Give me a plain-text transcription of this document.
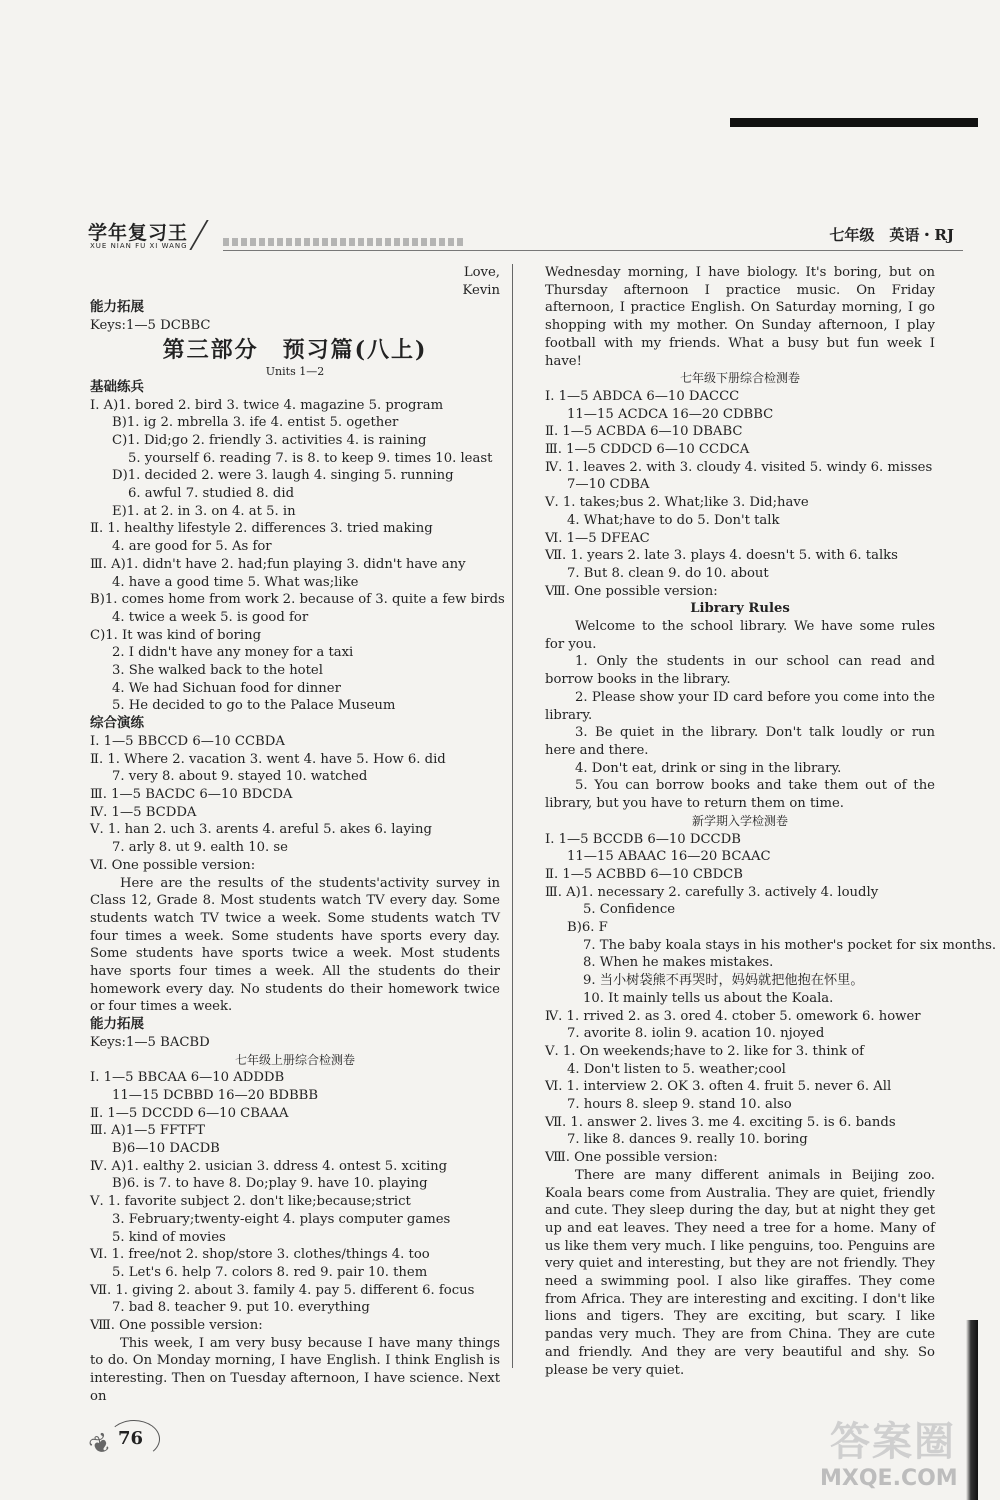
学年复习王
XUE NIAN FU XI WANG
七年级　英语・RJ
Love,
Kevin
能力拓展
Keys:1—5 DCBBC
第三部分　预习篇(八上)
Units 1—2
基础练兵
Ⅰ. A)1. bored 2. bird 3. twice 4. magazine 5. program
B)1. ig 2. mbrella 3. ife 4. entist 5. ogether
C)1. Did;go 2. friendly 3. activities 4. is raining
5. yourself 6. reading 7. is 8. to keep 9. times 10. least
D)1. decided 2. were 3. laugh 4. singing 5. running
6. awful 7. studied 8. did
E)1. at 2. in 3. on 4. at 5. in
Ⅱ. 1. healthy lifestyle 2. differences 3. tried making
4. are good for 5. As for
Ⅲ. A)1. didn't have 2. had;fun playing 3. didn't have any
4. have a good time 5. What was;like
B)1. comes home from work 2. because of 3. quite a few birds
4. twice a week 5. is good for
C)1. It was kind of boring
2. I didn't have any money for a taxi
3. She walked back to the hotel
4. We had Sichuan food for dinner
5. He decided to go to the Palace Museum
综合演练
Ⅰ. 1—5 BBCCD 6—10 CCBDA
Ⅱ. 1. Where 2. vacation 3. went 4. have 5. How 6. did
7. very 8. about 9. stayed 10. watched
Ⅲ. 1—5 BACDC 6—10 BDCDA
Ⅳ. 1—5 BCDDA
Ⅴ. 1. han 2. uch 3. arents 4. areful 5. akes 6. laying
7. arly 8. ut 9. ealth 10. se
Ⅵ. One possible version:
Here are the results of the students'activity survey in Class 12, Grade 8. Most students watch TV every day. Some students watch TV twice a week. Some students watch TV four times a week. Some students have sports every day. Some students have sports twice a week. Most students have sports four times a week. All the students do their homework every day. No students do their homework twice or four times a week.
能力拓展
Keys:1—5 BACBD
七年级上册综合检测卷
Ⅰ. 1—5 BBCAA 6—10 ADDDB
11—15 DCBBD 16—20 BDBBB
Ⅱ. 1—5 DCCDD 6—10 CBAAA
Ⅲ. A)1—5 FFTFT
B)6—10 DACDB
Ⅳ. A)1. ealthy 2. usician 3. ddress 4. ontest 5. xciting
B)6. is 7. to have 8. Do;play 9. have 10. playing
Ⅴ. 1. favorite subject 2. don't like;because;strict
3. February;twenty-eight 4. plays computer games
5. kind of movies
Ⅵ. 1. free/not 2. shop/store 3. clothes/things 4. too
5. Let's 6. help 7. colors 8. red 9. pair 10. them
Ⅶ. 1. giving 2. about 3. family 4. pay 5. different 6. focus
7. bad 8. teacher 9. put 10. everything
Ⅷ. One possible version:
This week, I am very busy because I have many things to do. On Monday morning, I have English. I think English is interesting. Then on Tuesday afternoon, I have science. Next on
Wednesday morning, I have biology. It's boring, but on Thursday afternoon I practice music. On Friday afternoon, I practice English. On Saturday morning, I go shopping with my mother. On Sunday afternoon, I play football with my friends. What a busy but fun week I have!
七年级下册综合检测卷
Ⅰ. 1—5 ABDCA 6—10 DACCC
11—15 ACDCA 16—20 CDBBC
Ⅱ. 1—5 ACBDA 6—10 DBABC
Ⅲ. 1—5 CDDCD 6—10 CCDCA
Ⅳ. 1. leaves 2. with 3. cloudy 4. visited 5. windy 6. misses
7—10 CDBA
Ⅴ. 1. takes;bus 2. What;like 3. Did;have
4. What;have to do 5. Don't talk
Ⅵ. 1—5 DFEAC
Ⅶ. 1. years 2. late 3. plays 4. doesn't 5. with 6. talks
7. But 8. clean 9. do 10. about
Ⅷ. One possible version:
Library Rules
Welcome to the school library. We have some rules for you.
1. Only the students in our school can read and borrow books in the library.
2. Please show your ID card before you come into the library.
3. Be quiet in the library. Don't talk loudly or run here and there.
4. Don't eat, drink or sing in the library.
5. You can borrow books and take them out of the library, but you have to return them on time.
新学期入学检测卷
Ⅰ. 1—5 BCCDB 6—10 DCCDB
11—15 ABAAC 16—20 BCAAC
Ⅱ. 1—5 ACBBD 6—10 CBDCB
Ⅲ. A)1. necessary 2. carefully 3. actively 4. loudly
5. Confidence
B)6. F
7. The baby koala stays in his mother's pocket for six months.
8. When he makes mistakes.
9. 当小树袋熊不再哭时，妈妈就把他抱在怀里。
10. It mainly tells us about the Koala.
Ⅳ. 1. rrived 2. as 3. ored 4. ctober 5. omework 6. hower
7. avorite 8. iolin 9. acation 10. njoyed
Ⅴ. 1. On weekends;have to 2. like for 3. think of
4. Don't listen to 5. weather;cool
Ⅵ. 1. interview 2. OK 3. often 4. fruit 5. never 6. All
7. hours 8. sleep 9. stand 10. also
Ⅶ. 1. answer 2. lives 3. me 4. exciting 5. is 6. bands
7. like 8. dances 9. really 10. boring
Ⅷ. One possible version:
There are many different animals in Beijing zoo. Koala bears come from Australia. They are quiet, friendly and cute. They sleep during the day, but at night they get up and eat leaves. They need a tree for a home. Many of us like them very much. I like penguins, too. Penguins are very quiet and interesting, but they are not friendly. They need a swimming pool. I also like giraffes. They come from Africa. They are interesting and exciting. I don't like lions and tigers. They are exciting, but scary. I like pandas very much. They are from China. They are cute and friendly. And they are very beautiful and shy. So please be very quiet.
❦ 76	答案圈
MXQE.COM
